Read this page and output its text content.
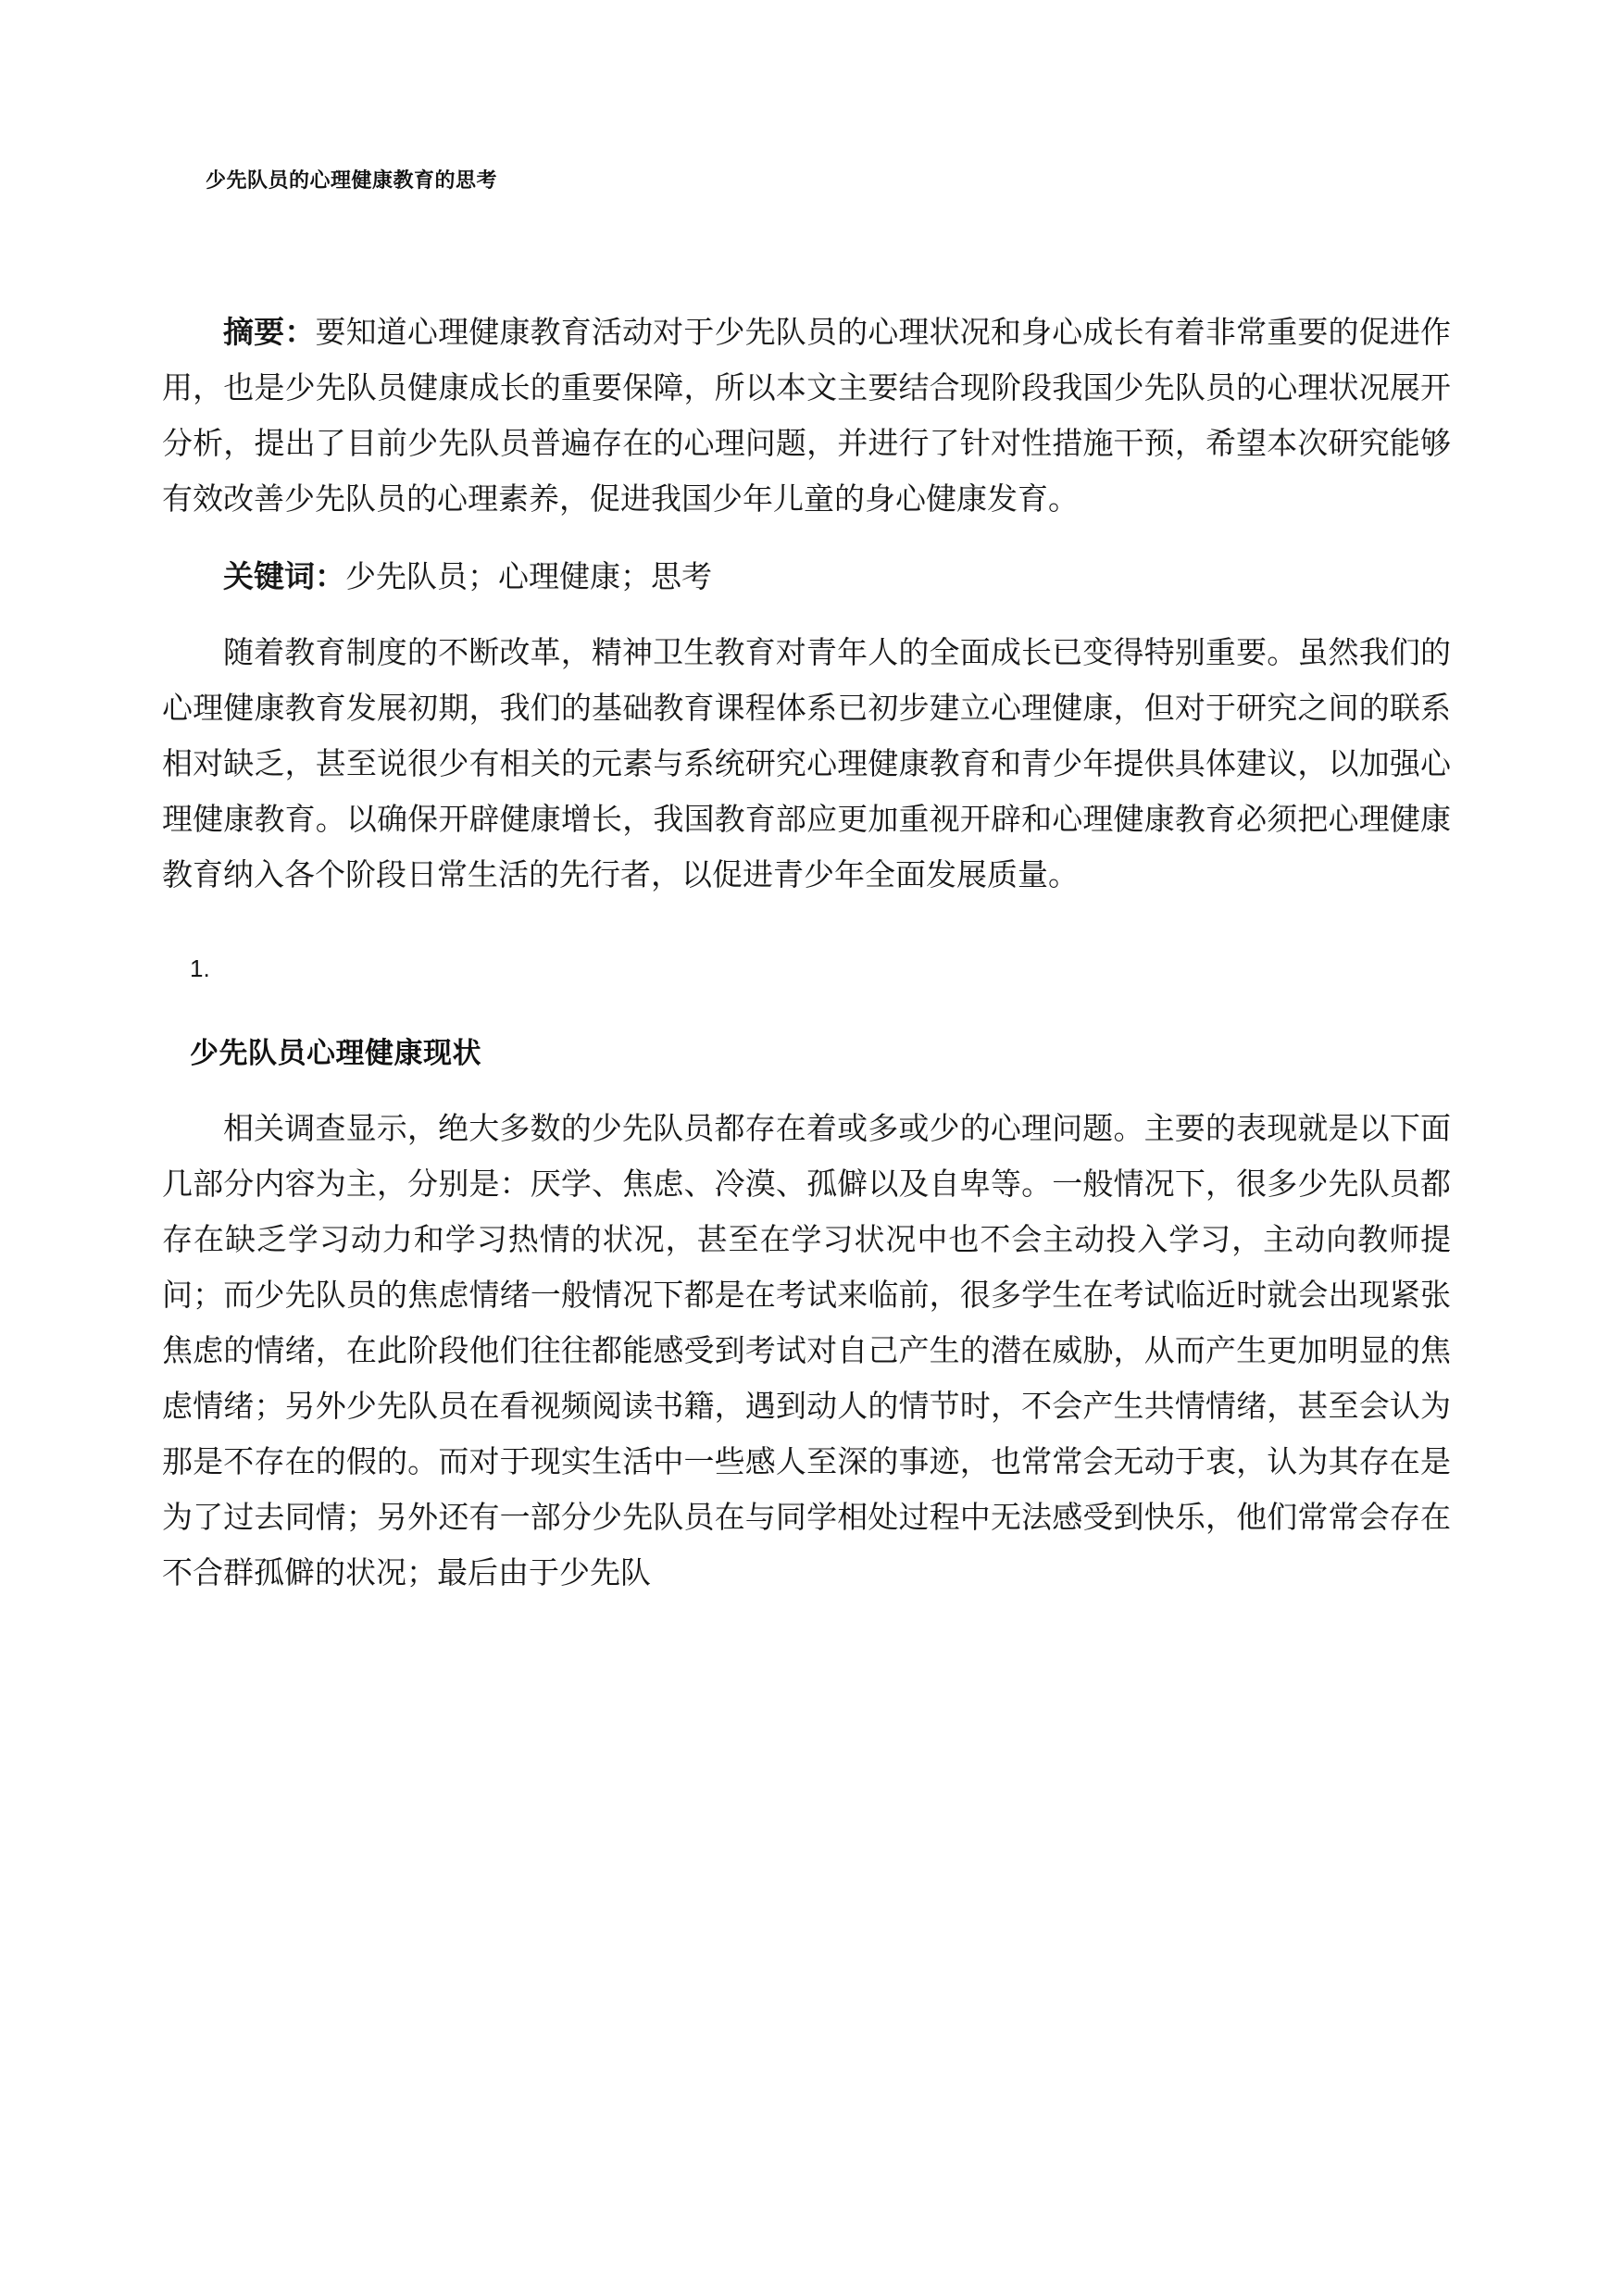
少先队员的心理健康教育的思考

摘要：要知道心理健康教育活动对于少先队员的心理状况和身心成长有着非常重要的促进作用，也是少先队员健康成长的重要保障，所以本文主要结合现阶段我国少先队员的心理状况展开分析，提出了目前少先队员普遍存在的心理问题，并进行了针对性措施干预，希望本次研究能够有效改善少先队员的心理素养，促进我国少年儿童的身心健康发育。

关键词：少先队员；心理健康；思考

随着教育制度的不断改革，精神卫生教育对青年人的全面成长已变得特别重要。虽然我们的心理健康教育发展初期，我们的基础教育课程体系已初步建立心理健康，但对于研究之间的联系相对缺乏，甚至说很少有相关的元素与系统研究心理健康教育和青少年提供具体建议，以加强心理健康教育。以确保开辟健康增长，我国教育部应更加重视开辟和心理健康教育必须把心理健康教育纳入各个阶段日常生活的先行者，以促进青少年全面发展质量。

1.

少先队员心理健康现状

相关调查显示，绝大多数的少先队员都存在着或多或少的心理问题。主要的表现就是以下面几部分内容为主，分别是：厌学、焦虑、冷漠、孤僻以及自卑等。一般情况下，很多少先队员都存在缺乏学习动力和学习热情的状况，甚至在学习状况中也不会主动投入学习，主动向教师提问；而少先队员的焦虑情绪一般情况下都是在考试来临前，很多学生在考试临近时就会出现紧张焦虑的情绪，在此阶段他们往往都能感受到考试对自己产生的潜在威胁，从而产生更加明显的焦虑情绪；另外少先队员在看视频阅读书籍，遇到动人的情节时，不会产生共情情绪，甚至会认为那是不存在的假的。而对于现实生活中一些感人至深的事迹，也常常会无动于衷，认为其存在是为了过去同情；另外还有一部分少先队员在与同学相处过程中无法感受到快乐，他们常常会存在不合群孤僻的状况；最后由于少先队
